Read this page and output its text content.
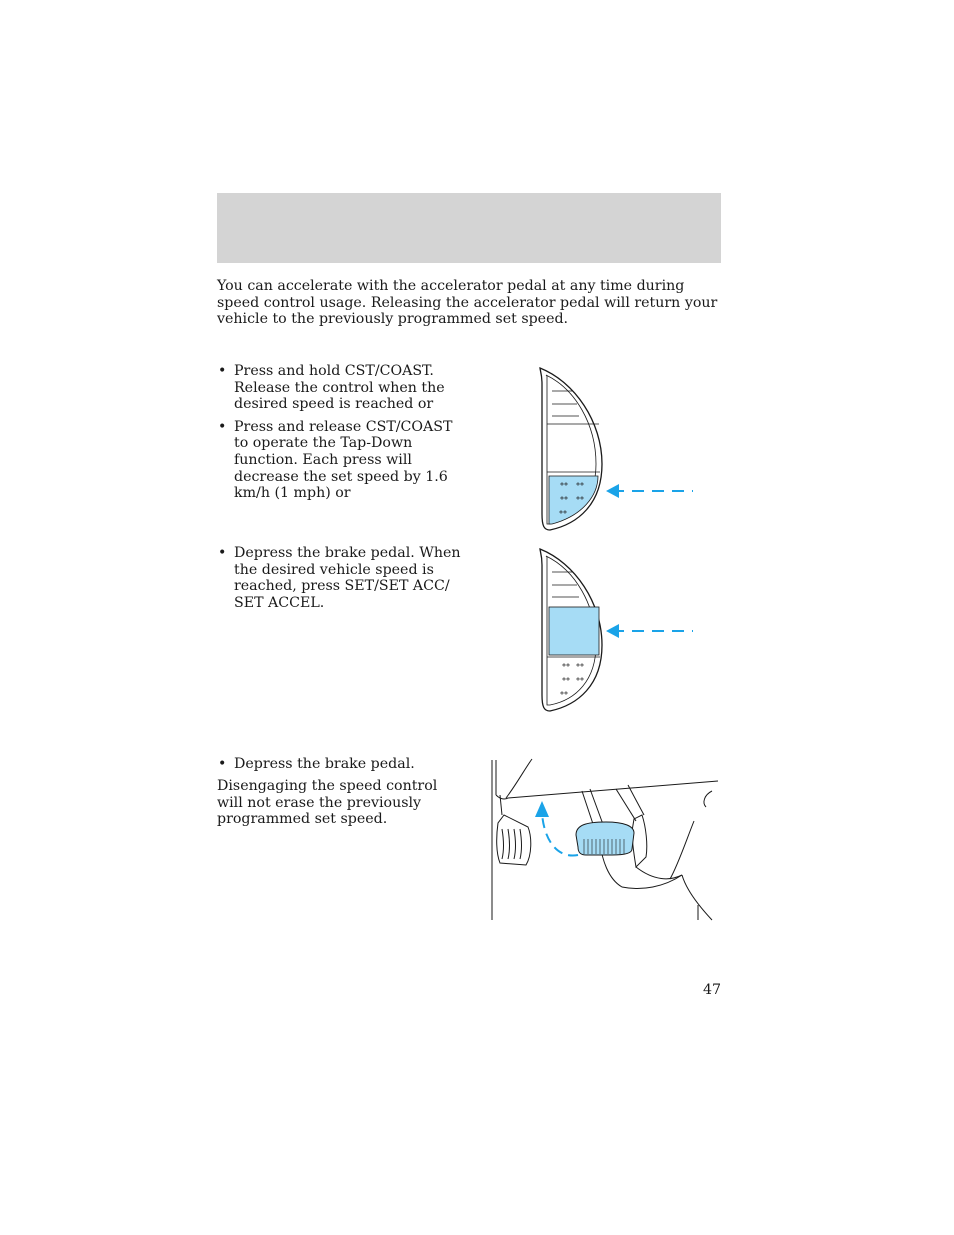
You can accelerate with the accelerator pedal at any time during speed control usage. Releasing the accelerator pedal will return your vehicle to the previously programmed set speed.

• Press and hold CST/COAST. Release the control when the desired speed is reached or
• Press and release CST/COAST to operate the Tap-Down function. Each press will decrease the set speed by 1.6 km/h (1 mph) or
• Depress the brake pedal. When the desired vehicle speed is reached, press SET/SET ACC/ SET ACCEL.
• Depress the brake pedal.

Disengaging the speed control will not erase the previously programmed set speed.

47
